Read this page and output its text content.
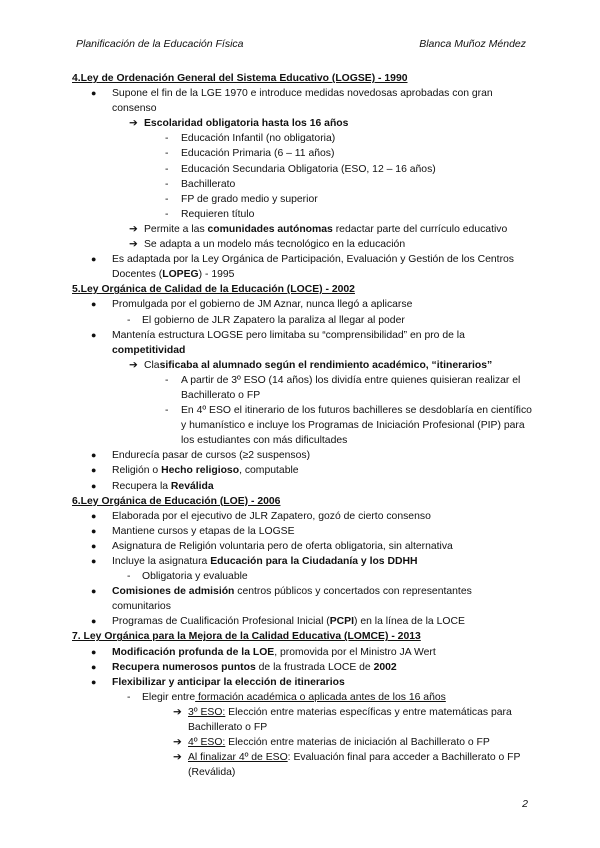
Planificación de la Educación Física	Blanca Muñoz Méndez
4.Ley de Ordenación General del Sistema Educativo (LOGSE) - 1990
● Supone el fin de la LGE 1970 e introduce medidas novedosas aprobadas con gran consenso
➔ Escolaridad obligatoria hasta los 16 años
- Educación Infantil (no obligatoria)
- Educación Primaria (6 – 11 años)
- Educación Secundaria Obligatoria (ESO, 12 – 16 años)
- Bachillerato
- FP de grado medio y superior
- Requieren título
➔ Permite a las comunidades autónomas redactar parte del currículo educativo
➔ Se adapta a un modelo más tecnológico en la educación
● Es adaptada por la Ley Orgánica de Participación, Evaluación y Gestión de los Centros Docentes (LOPEG) - 1995
5.Ley Orgánica de Calidad de la Educación (LOCE) - 2002
● Promulgada por el gobierno de JM Aznar, nunca llegó a aplicarse
- El gobierno de JLR Zapatero la paraliza al llegar al poder
● Mantenía estructura LOGSE pero limitaba su “comprensibilidad” en pro de la competitividad
➔ Clasificaba al alumnado según el rendimiento académico, “itinerarios”
- A partir de 3º ESO (14 años) los dividía entre quienes quisieran realizar el Bachillerato o FP
- En 4º ESO el itinerario de los futuros bachilleres se desdoblaría en científico y humanístico e incluye los Programas de Iniciación Profesional (PIP) para los estudiantes con más dificultades
● Endurecía pasar de cursos (≥2 suspensos)
● Religión o Hecho religioso, computable
● Recupera la Reválida
6.Ley Orgánica de Educación (LOE) - 2006
● Elaborada por el ejecutivo de JLR Zapatero, gozó de cierto consenso
● Mantiene cursos y etapas de la LOGSE
● Asignatura de Religión voluntaria pero de oferta obligatoria, sin alternativa
● Incluye la asignatura Educación para la Ciudadanía y los DDHH
- Obligatoria y evaluable
● Comisiones de admisión centros públicos y concertados con representantes comunitarios
● Programas de Cualificación Profesional Inicial (PCPI) en la línea de la LOCE
7. Ley Orgánica para la Mejora de la Calidad Educativa (LOMCE) - 2013
● Modificación profunda de la LOE, promovida por el Ministro JA Wert
● Recupera numerosos puntos de la frustrada LOCE de 2002
● Flexibilizar y anticipar la elección de itinerarios
- Elegir entre formación académica o aplicada antes de los 16 años
➔ 3º ESO: Elección entre materias específicas y entre matemáticas para Bachillerato o FP
➔ 4º ESO: Elección entre materias de iniciación al Bachillerato o FP
➔ Al finalizar 4º de ESO: Evaluación final para acceder a Bachillerato o FP (Reválida)
2
